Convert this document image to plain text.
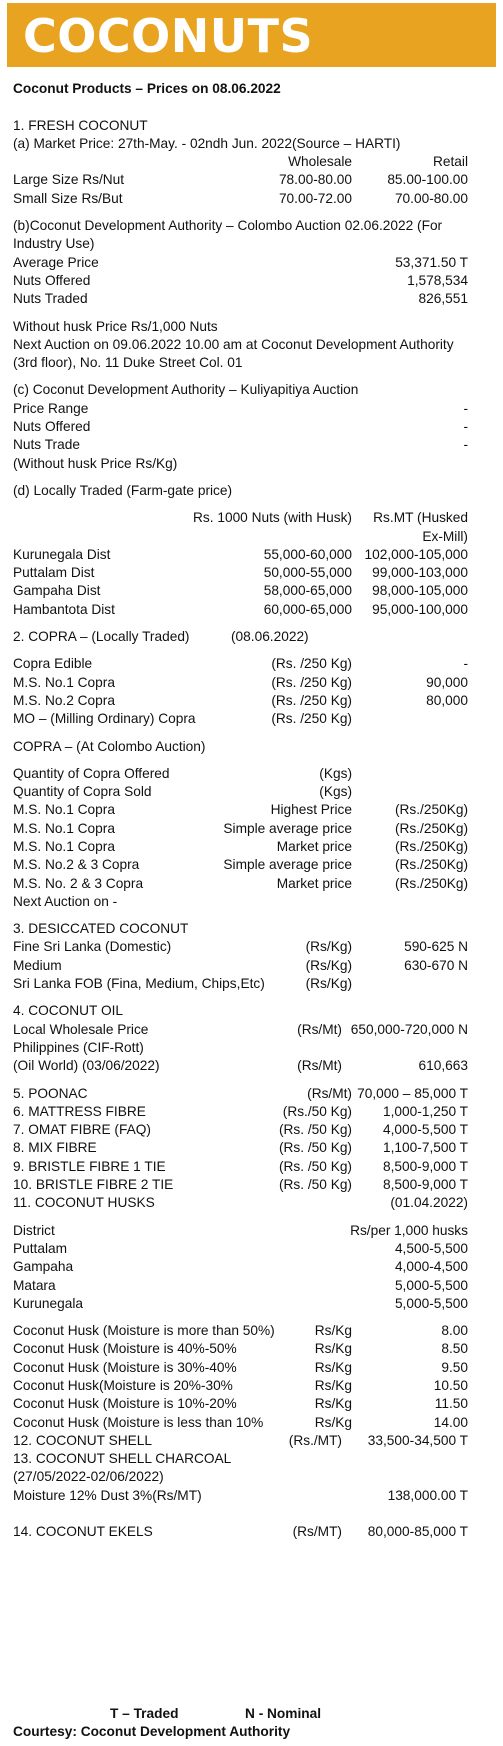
COCONUTS
Coconut Products – Prices on 08.06.2022
1. FRESH COCONUT
(a) Market Price: 27th-May. - 02ndh Jun. 2022(Source – HARTI)
Wholesale	Retail
Large Size Rs/Nut	78.00-80.00	85.00-100.00
Small Size Rs/But	70.00-72.00	70.00-80.00
(b)Coconut Development Authority – Colombo Auction 02.06.2022 (For Industry Use)
Average Price	53,371.50 T
Nuts Offered	1,578,534
Nuts Traded	826,551
Without husk Price Rs/1,000 Nuts
Next Auction on 09.06.2022 10.00 am at Coconut Development Authority (3rd floor), No. 11 Duke Street Col. 01
(c) Coconut Development Authority – Kuliyapitiya Auction
Price Range	-
Nuts Offered	-
Nuts Trade	-
(Without husk Price Rs/Kg)
(d) Locally Traded (Farm-gate price)
Rs. 1000 Nuts (with Husk)	Rs.MT (Husked
Ex-Mill)
Kurunegala Dist	55,000-60,000 102,000-105,000
Puttalam Dist	50,000-55,000	99,000-103,000
Gampaha Dist	58,000-65,000	98,000-105,000
Hambantota Dist	60,000-65,000	95,000-100,000
2. COPRA – (Locally Traded)	(08.06.2022)
Copra Edible	(Rs. /250 Kg)	-
M.S. No.1 Copra	(Rs. /250 Kg)	90,000
M.S. No.2 Copra	(Rs. /250 Kg)	80,000
MO – (Milling Ordinary) Copra	(Rs. /250 Kg)
COPRA – (At Colombo Auction)
Quantity of Copra Offered	(Kgs)
Quantity of Copra Sold	(Kgs)
M.S. No.1 Copra	Highest Price	(Rs./250Kg)
M.S. No.1 Copra	Simple average price	(Rs./250Kg)
M.S. No.1 Copra	Market price	(Rs./250Kg)
M.S. No.2 & 3 Copra	Simple average price	(Rs./250Kg)
M.S. No. 2 & 3 Copra	Market price	(Rs./250Kg)
Next Auction on -
3. DESICCATED COCONUT
Fine Sri Lanka (Domestic)	(Rs/Kg)	590-625 N
Medium	(Rs/Kg)	630-670 N
Sri Lanka FOB (Fina, Medium, Chips,Etc)	(Rs/Kg)
4. COCONUT OIL
Local Wholesale Price	(Rs/Mt) 650,000-720,000 N
Philippines (CIF-Rott)
(Oil World) (03/06/2022)	(Rs/Mt)	610,663
5. POONAC	(Rs/Mt) 70,000 – 85,000 T
6. MATTRESS FIBRE	(Rs./50 Kg)	1,000-1,250 T
7. OMAT FIBRE (FAQ)	(Rs. /50 Kg)	4,000-5,500 T
8. MIX FIBRE	(Rs. /50 Kg)	1,100-7,500 T
9. BRISTLE FIBRE 1 TIE	(Rs. /50 Kg)	8,500-9,000 T
10. BRISTLE FIBRE 2 TIE	(Rs. /50 Kg)	8,500-9,000 T
11. COCONUT HUSKS	(01.04.2022)
District	Rs/per 1,000 husks
Puttalam	4,500-5,500
Gampaha	4,000-4,500
Matara	5,000-5,500
Kurunegala	5,000-5,500
Coconut Husk (Moisture is more than 50%)	Rs/Kg	8.00
Coconut Husk (Moisture is 40%-50%	Rs/Kg	8.50
Coconut Husk (Moisture is 30%-40%	Rs/Kg	9.50
Coconut Husk(Moisture is 20%-30%	Rs/Kg	10.50
Coconut Husk (Moisture is 10%-20%	Rs/Kg	11.50
Coconut Husk (Moisture is less than 10%	Rs/Kg	14.00
12. COCONUT SHELL	(Rs./MT)	33,500-34,500 T
13. COCONUT SHELL CHARCOAL
(27/05/2022-02/06/2022)
Moisture 12% Dust 3%(Rs/MT)	138,000.00 T
14. COCONUT EKELS	(Rs/MT)	80,000-85,000 T
T – Traded	N - Nominal
Courtesy: Coconut Development Authority
